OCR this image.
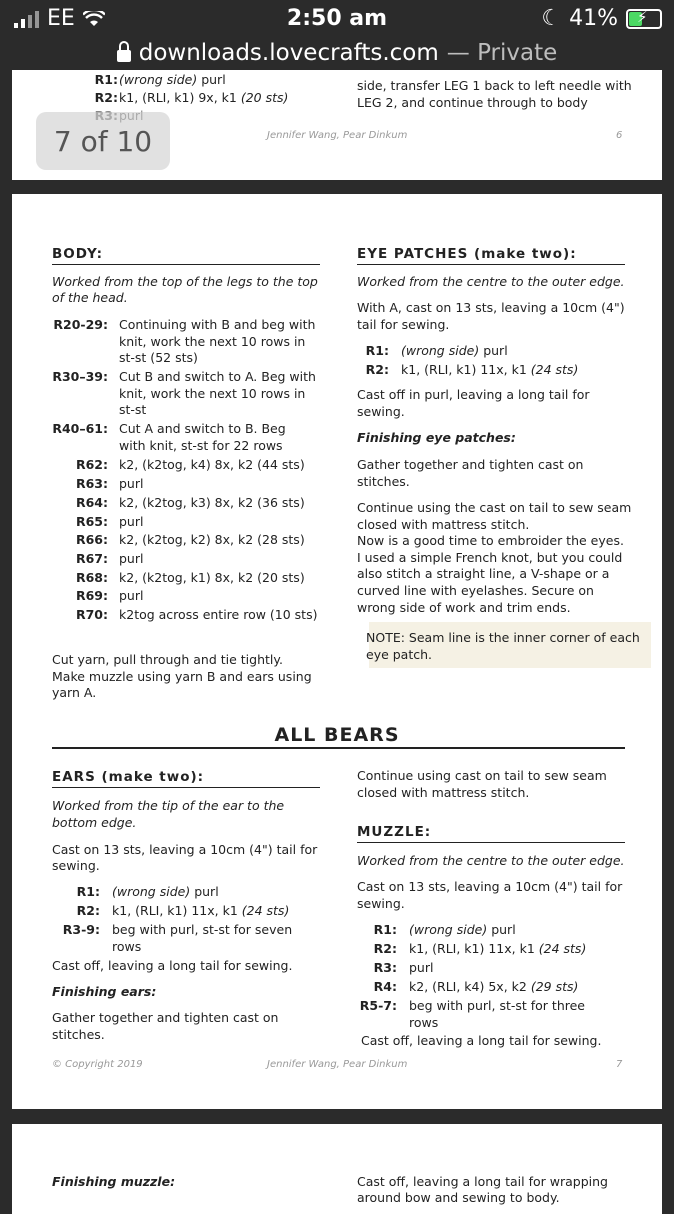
EE	2:50 am	☾ 41% ⚡
downloads.lovecrafts.com — Private
R1: (wrong side) purl
R2: k1, (RLI, k1) 9x, k1 (20 sts)
side, transfer LEG 1 back to left needle with
LEG 2, and continue through to body
Jennifer Wang, Pear Dinkum	6
7 of 10
BODY:
Worked from the top of the legs to the top
of the head.
R20-29: Continuing with B and beg with
knit, work the next 10 rows in
st-st (52 sts)
R30–39: Cut B and switch to A. Beg with
knit, work the next 10 rows in
st-st
R40–61: Cut A and switch to B. Beg
with knit, st-st for 22 rows
R62: k2, (k2tog, k4) 8x, k2 (44 sts)
R63: purl
R64: k2, (k2tog, k3) 8x, k2 (36 sts)
R65: purl
R66: k2, (k2tog, k2) 8x, k2 (28 sts)
R67: purl
R68: k2, (k2tog, k1) 8x, k2 (20 sts)
R69: purl
R70: k2tog across entire row (10 sts)
Cut yarn, pull through and tie tightly.
Make muzzle using yarn B and ears using
yarn A.
EYE PATCHES (make two):
Worked from the centre to the outer edge.
With A, cast on 13 sts, leaving a 10cm (4")
tail for sewing.
R1: (wrong side) purl
R2: k1, (RLI, k1) 11x, k1 (24 sts)
Cast off in purl, leaving a long tail for
sewing.
Finishing eye patches:
Gather together and tighten cast on
stitches.
Continue using the cast on tail to sew seam
closed with mattress stitch.
Now is a good time to embroider the eyes.
I used a simple French knot, but you could
also stitch a straight line, a V-shape or a
curved line with eyelashes. Secure on
wrong side of work and trim ends.
NOTE: Seam line is the inner corner of each
eye patch.
ALL BEARS
EARS (make two):
Worked from the tip of the ear to the
bottom edge.
Cast on 13 sts, leaving a 10cm (4") tail for
sewing.
R1: (wrong side) purl
R2: k1, (RLI, k1) 11x, k1 (24 sts)
R3-9: beg with purl, st-st for seven
rows
Cast off, leaving a long tail for sewing.
Finishing ears:
Gather together and tighten cast on
stitches.
Continue using cast on tail to sew seam
closed with mattress stitch.
MUZZLE:
Worked from the centre to the outer edge.
Cast on 13 sts, leaving a 10cm (4") tail for
sewing.
R1: (wrong side) purl
R2: k1, (RLI, k1) 11x, k1 (24 sts)
R3: purl
R4: k2, (RLI, k4) 5x, k2 (29 sts)
R5-7: beg with purl, st-st for three
rows
Cast off, leaving a long tail for sewing.
© Copyright 2019	Jennifer Wang, Pear Dinkum	7
Finishing muzzle:	Cast off, leaving a long tail for wrapping
around bow and sewing to body.
